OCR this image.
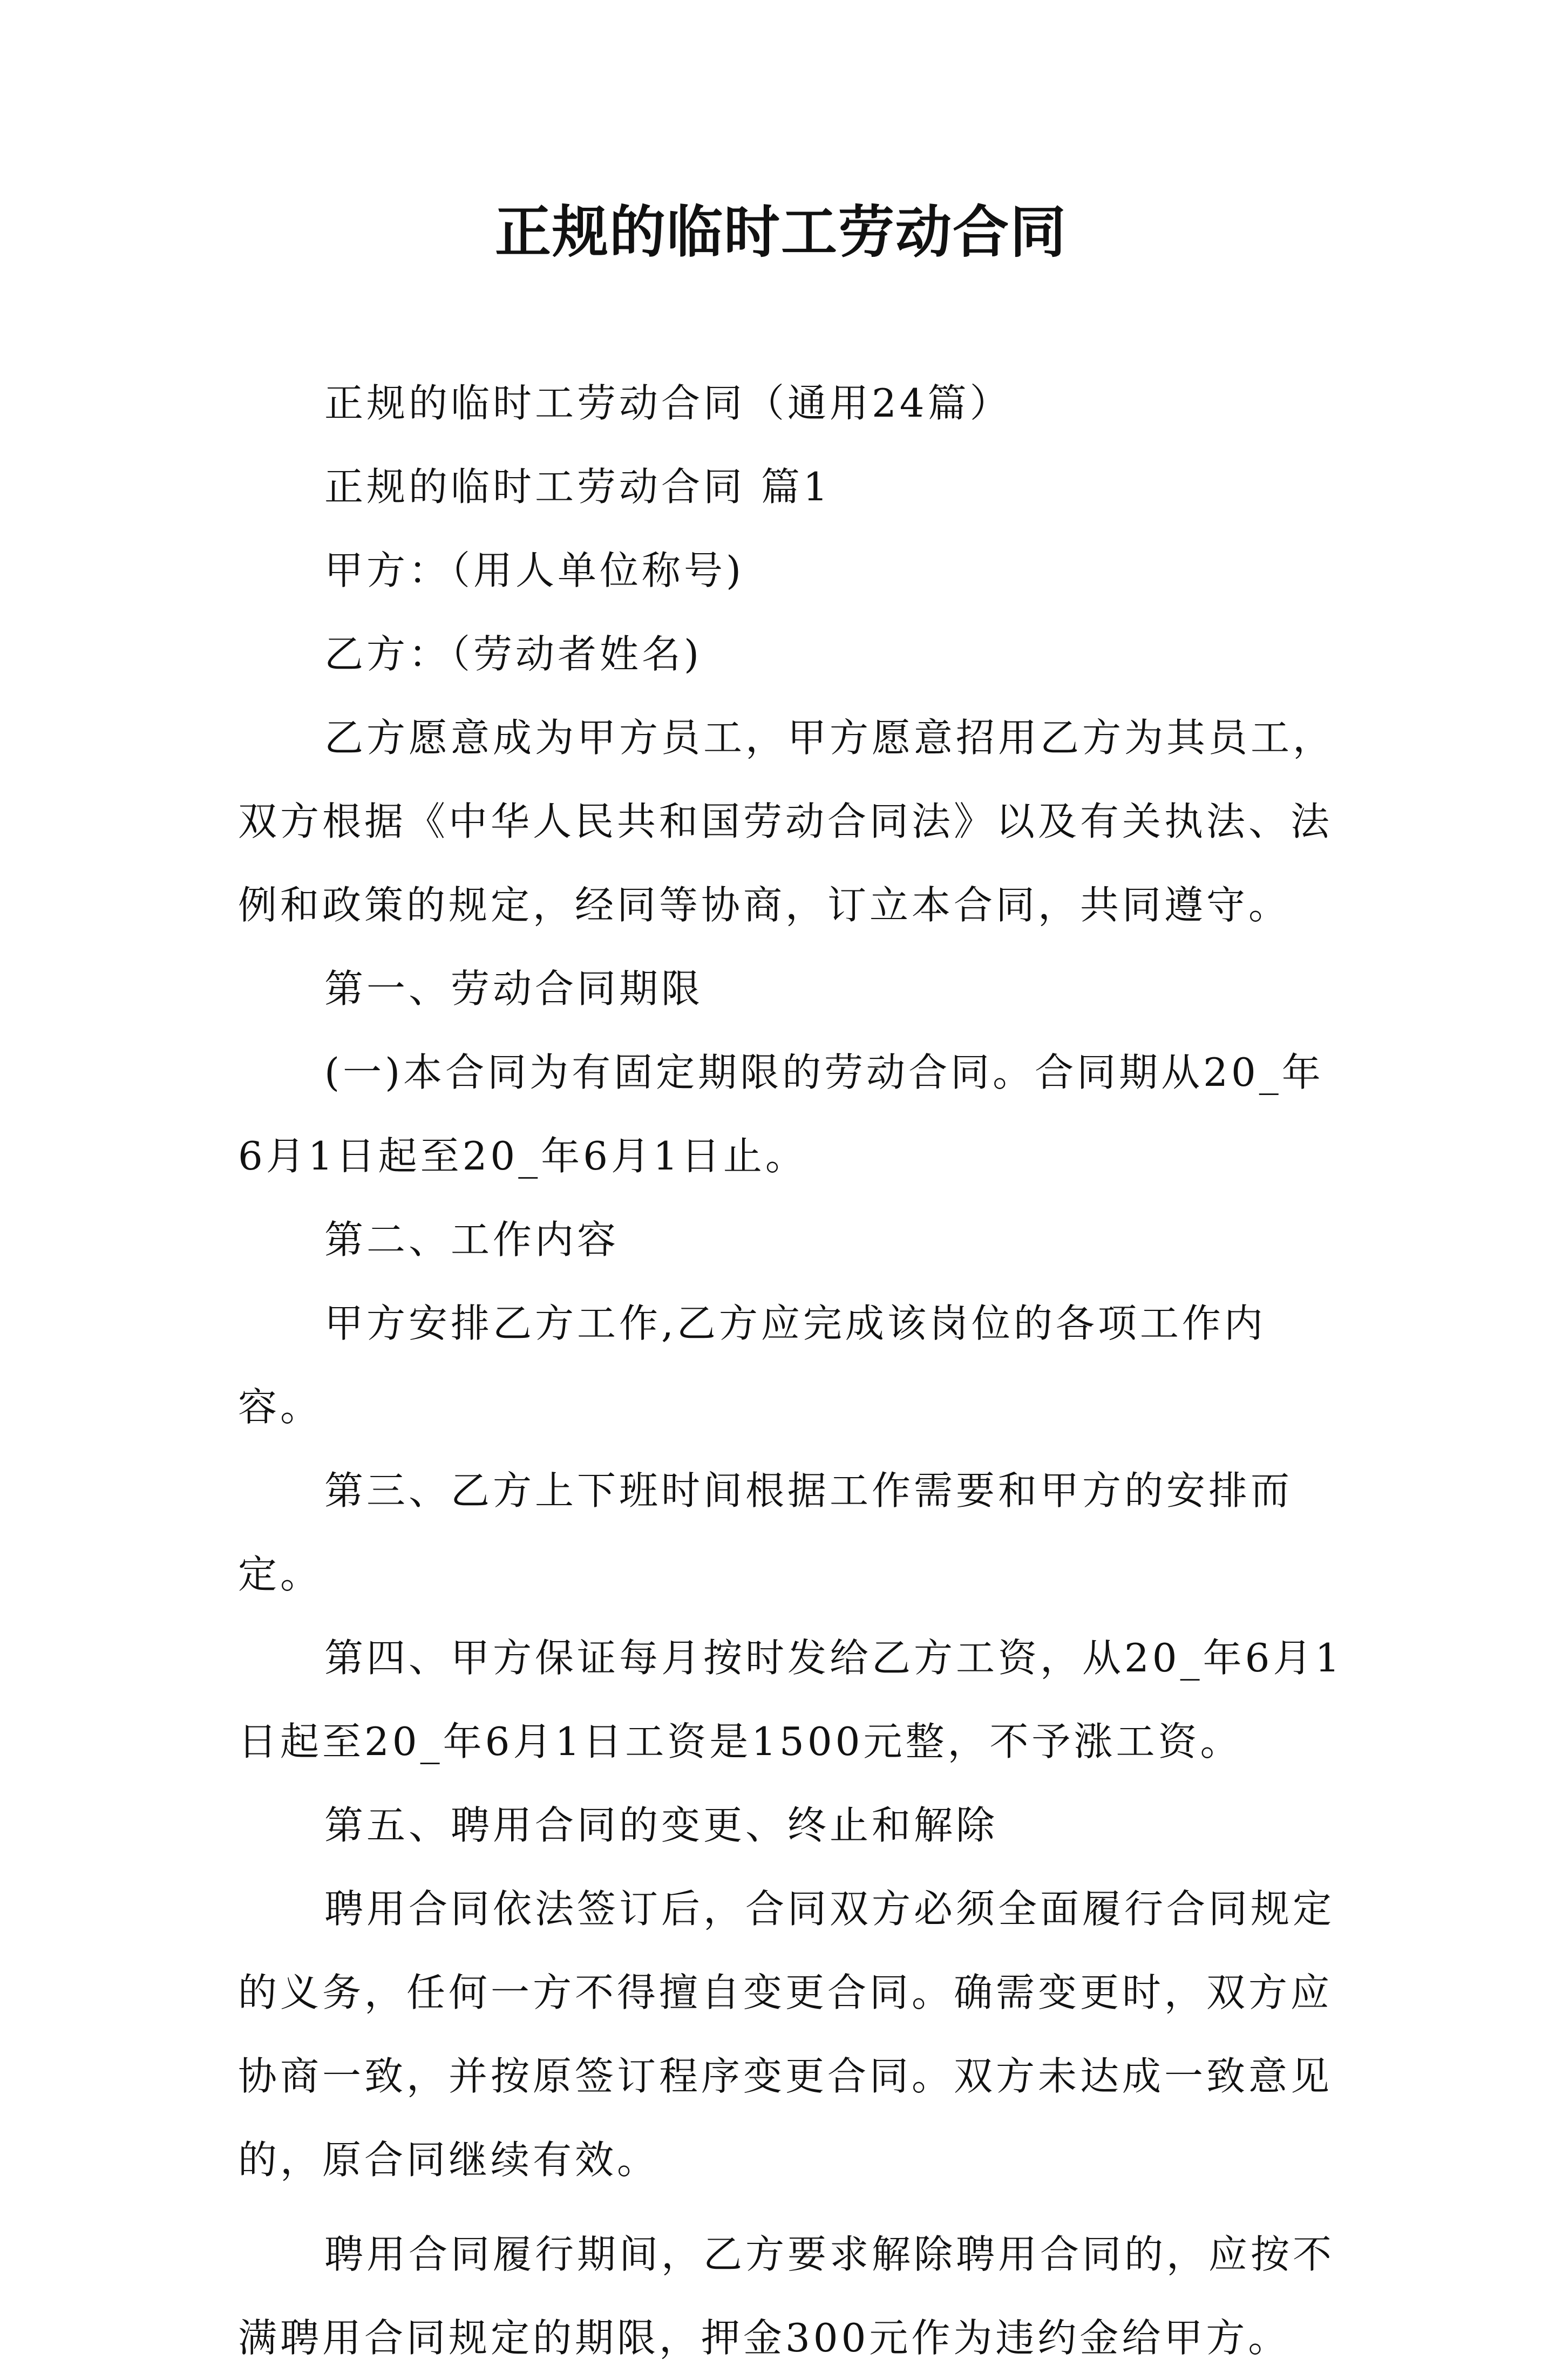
正规的临时工劳动合同

正规的临时工劳动合同（通用24篇）

正规的临时工劳动合同 篇1

甲方：（用人单位称号)

乙方：（劳动者姓名)

乙方愿意成为甲方员工，甲方愿意招用乙方为其员工，双方根据《中华人民共和国劳动合同法》以及有关执法、法例和政策的规定，经同等协商，订立本合同，共同遵守。

第一、劳动合同期限

(一)本合同为有固定期限的劳动合同。合同期从20_年6月1日起至20_年6月1日止。

第二、工作内容

甲方安排乙方工作,乙方应完成该岗位的各项工作内容。

第三、乙方上下班时间根据工作需要和甲方的安排而定。

第四、甲方保证每月按时发给乙方工资，从20_年6月1日起至20_年6月1日工资是1500元整，不予涨工资。

第五、聘用合同的变更、终止和解除

聘用合同依法签订后，合同双方必须全面履行合同规定的义务，任何一方不得擅自变更合同。确需变更时，双方应协商一致，并按原签订程序变更合同。双方未达成一致意见的，原合同继续有效。

聘用合同履行期间，乙方要求解除聘用合同的，应按不满聘用合同规定的期限，押金300元作为违约金给甲方。
